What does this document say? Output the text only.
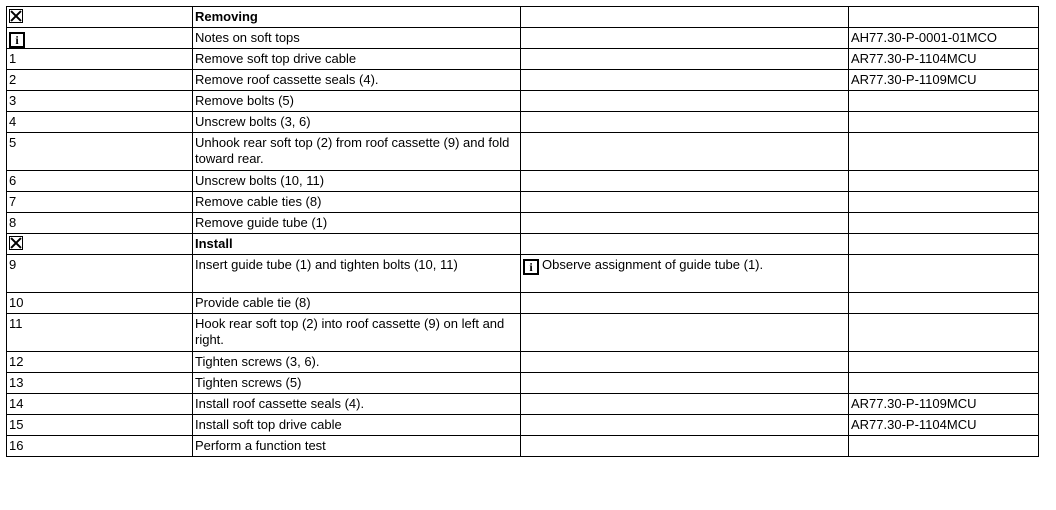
	Removing		
i	Notes on soft tops		AH77.30-P-0001-01MCO
1	Remove soft top drive cable		AR77.30-P-1104MCU
2	Remove roof cassette seals (4).		AR77.30-P-1109MCU
3	Remove bolts (5)		
4	Unscrew bolts (3, 6)		
5	Unhook rear soft top (2) from roof cassette (9) and fold toward rear.		
6	Unscrew bolts (10, 11)		
7	Remove cable ties (8)		
8	Remove guide tube (1)		
	Install		
9	Insert guide tube (1) and tighten bolts (10, 11)	i Observe assignment of guide tube (1).	
10	Provide cable tie (8)		
11	Hook rear soft top (2) into roof cassette (9) on left and right.		
12	Tighten screws (3, 6).		
13	Tighten screws (5)		
14	Install roof cassette seals (4).		AR77.30-P-1109MCU
15	Install soft top drive cable		AR77.30-P-1104MCU
16	Perform a function test		
